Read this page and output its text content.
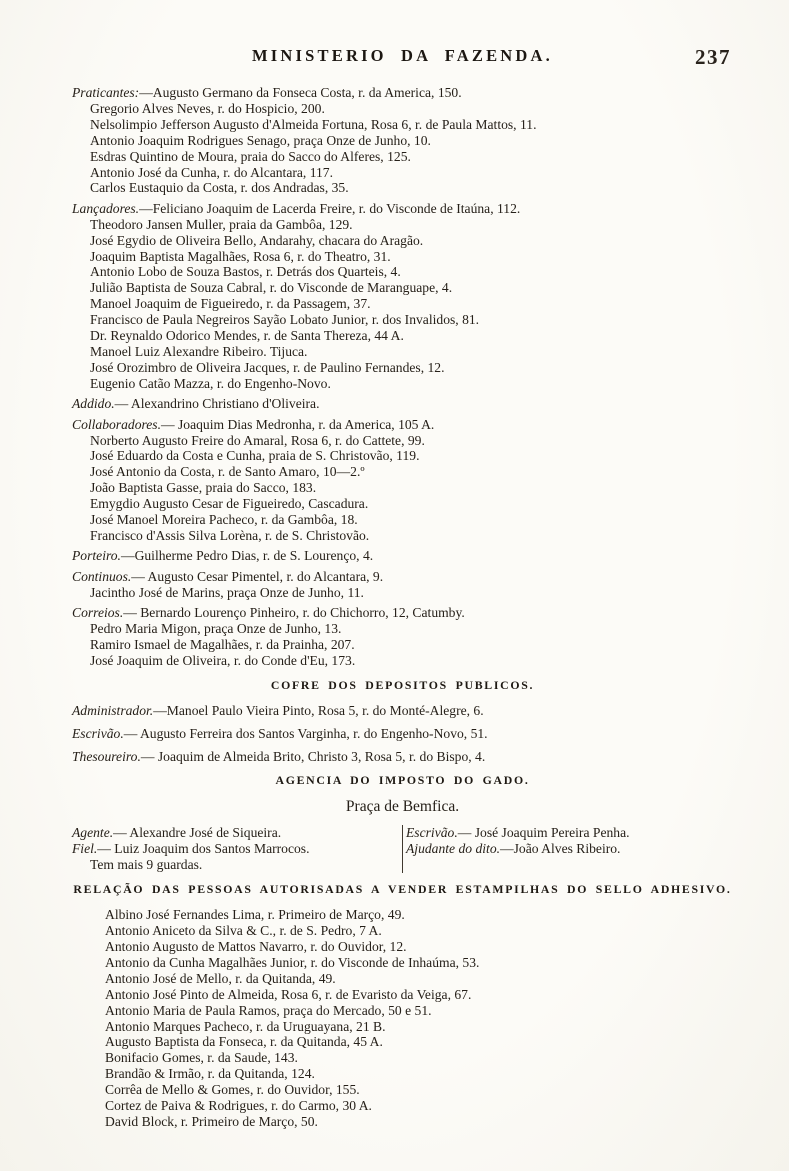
MINISTERIO DA FAZENDA.	237

Praticantes:—Augusto Germano da Fonseca Costa, r. da America, 150.

Gregorio Alves Neves, r. do Hospicio, 200.

Nelsolimpio Jefferson Augusto d'Almeida Fortuna, Rosa 6, r. de Paula Mattos, 11.

Antonio Joaquim Rodrigues Senago, praça Onze de Junho, 10.

Esdras Quintino de Moura, praia do Sacco do Alferes, 125.

Antonio José da Cunha, r. do Alcantara, 117.

Carlos Eustaquio da Costa, r. dos Andradas, 35.

Lançadores.—Feliciano Joaquim de Lacerda Freire, r. do Visconde de Itaúna, 112.

Theodoro Jansen Muller, praia da Gambôa, 129.

José Egydio de Oliveira Bello, Andarahy, chacara do Aragão.

Joaquim Baptista Magalhães, Rosa 6, r. do Theatro, 31.

Antonio Lobo de Souza Bastos, r. Detrás dos Quarteis, 4.

Julião Baptista de Souza Cabral, r. do Visconde de Maranguape, 4.

Manoel Joaquim de Figueiredo, r. da Passagem, 37.

Francisco de Paula Negreiros Sayão Lobato Junior, r. dos Invalidos, 81.

Dr. Reynaldo Odorico Mendes, r. de Santa Thereza, 44 A.

Manoel Luiz Alexandre Ribeiro. Tijuca.

José Orozimbro de Oliveira Jacques, r. de Paulino Fernandes, 12.

Eugenio Catão Mazza, r. do Engenho-Novo.

Addido.— Alexandrino Christiano d'Oliveira.

Collaboradores.— Joaquim Dias Medronha, r. da America, 105 A.

Norberto Augusto Freire do Amaral, Rosa 6, r. do Cattete, 99.

José Eduardo da Costa e Cunha, praia de S. Christovão, 119.

José Antonio da Costa, r. de Santo Amaro, 10—2.º

João Baptista Gasse, praia do Sacco, 183.

Emygdio Augusto Cesar de Figueiredo, Cascadura.

José Manoel Moreira Pacheco, r. da Gambôa, 18.

Francisco d'Assis Silva Lorèna, r. de S. Christovão.

Porteiro.—Guilherme Pedro Dias, r. de S. Lourenço, 4.

Continuos.— Augusto Cesar Pimentel, r. do Alcantara, 9.

Jacintho José de Marins, praça Onze de Junho, 11.

Correios.— Bernardo Lourenço Pinheiro, r. do Chichorro, 12, Catumby.

Pedro Maria Migon, praça Onze de Junho, 13.

Ramiro Ismael de Magalhães, r. da Prainha, 207.

José Joaquim de Oliveira, r. do Conde d'Eu, 173.

COFRE DOS DEPOSITOS PUBLICOS.

Administrador.—Manoel Paulo Vieira Pinto, Rosa 5, r. do Monté-Alegre, 6.

Escrivão.— Augusto Ferreira dos Santos Varginha, r. do Engenho-Novo, 51.

Thesoureiro.— Joaquim de Almeida Brito, Christo 3, Rosa 5, r. do Bispo, 4.

AGENCIA DO IMPOSTO DO GADO.

Praça de Bemfica.

Agente.— Alexandre José de Siqueira.

Fiel.— Luiz Joaquim dos Santos Marrocos.

Tem mais 9 guardas.

Escrivão.— José Joaquim Pereira Penha.

Ajudante do dito.—João Alves Ribeiro.

RELAÇÃO DAS PESSOAS AUTORISADAS A VENDER ESTAMPILHAS DO SELLO ADHESIVO.

Albino José Fernandes Lima, r. Primeiro de Março, 49.

Antonio Aniceto da Silva & C., r. de S. Pedro, 7 A.

Antonio Augusto de Mattos Navarro, r. do Ouvidor, 12.

Antonio da Cunha Magalhães Junior, r. do Visconde de Inhaúma, 53.

Antonio José de Mello, r. da Quitanda, 49.

Antonio José Pinto de Almeida, Rosa 6, r. de Evaristo da Veiga, 67.

Antonio Maria de Paula Ramos, praça do Mercado, 50 e 51.

Antonio Marques Pacheco, r. da Uruguayana, 21 B.

Augusto Baptista da Fonseca, r. da Quitanda, 45 A.

Bonifacio Gomes, r. da Saude, 143.

Brandão & Irmão, r. da Quitanda, 124.

Corrêa de Mello & Gomes, r. do Ouvidor, 155.

Cortez de Paiva & Rodrigues, r. do Carmo, 30 A.

David Block, r. Primeiro de Março, 50.
